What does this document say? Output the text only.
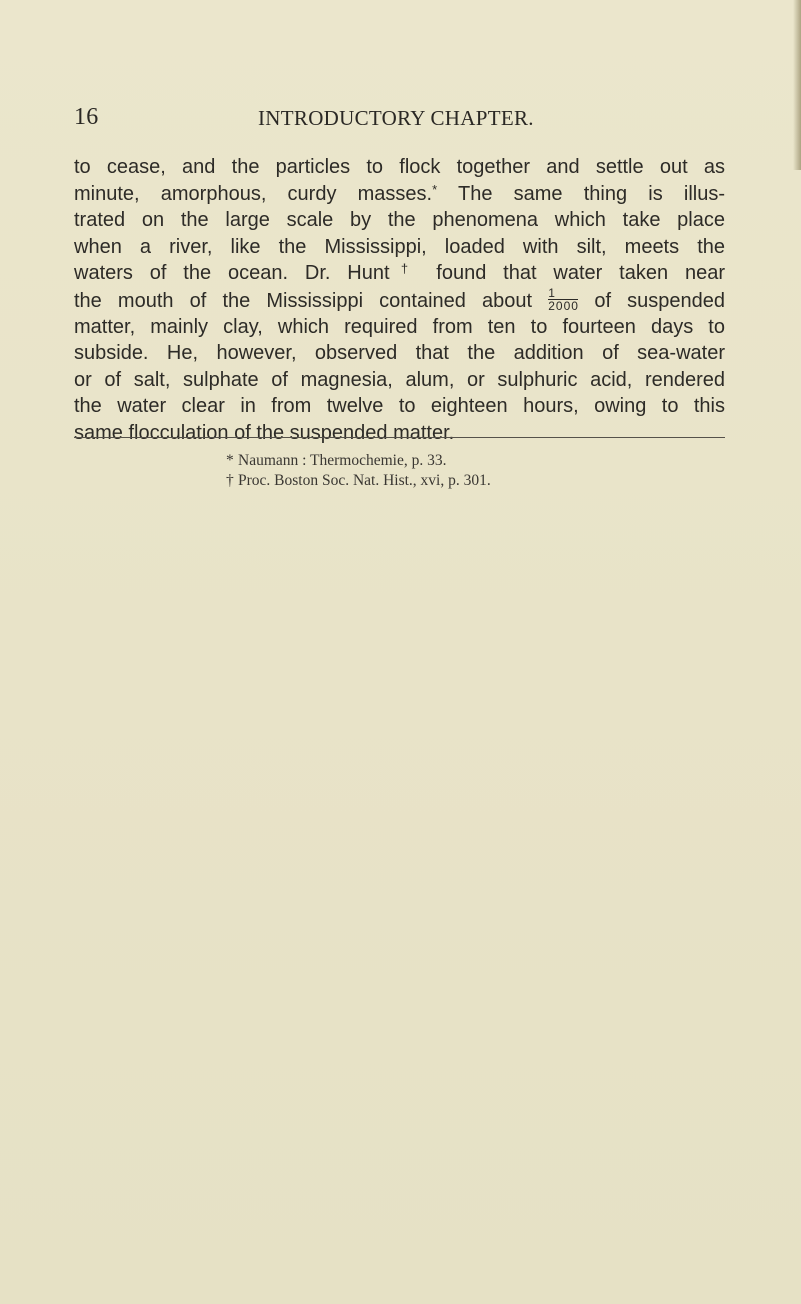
16	INTRODUCTORY CHAPTER.
to cease, and the particles to flock together and settle out as
minute, amorphous, curdy masses.* The same thing is illus-
trated on the large scale by the phenomena which take place
when a river, like the Mississippi, loaded with silt, meets the
waters of the ocean. Dr. Hunt† found that water taken near
the mouth of the Mississippi contained about $\frac{1}{2000}$ of suspended
matter, mainly clay, which required from ten to fourteen days to
subside. He, however, observed that the addition of sea-water
or of salt, sulphate of magnesia, alum, or sulphuric acid, rendered
the water clear in from twelve to eighteen hours, owing to this
same flocculation of the suspended matter.
* Naumann : Thermochemie, p. 33.
† Proc. Boston Soc. Nat. Hist., xvi, p. 301.
